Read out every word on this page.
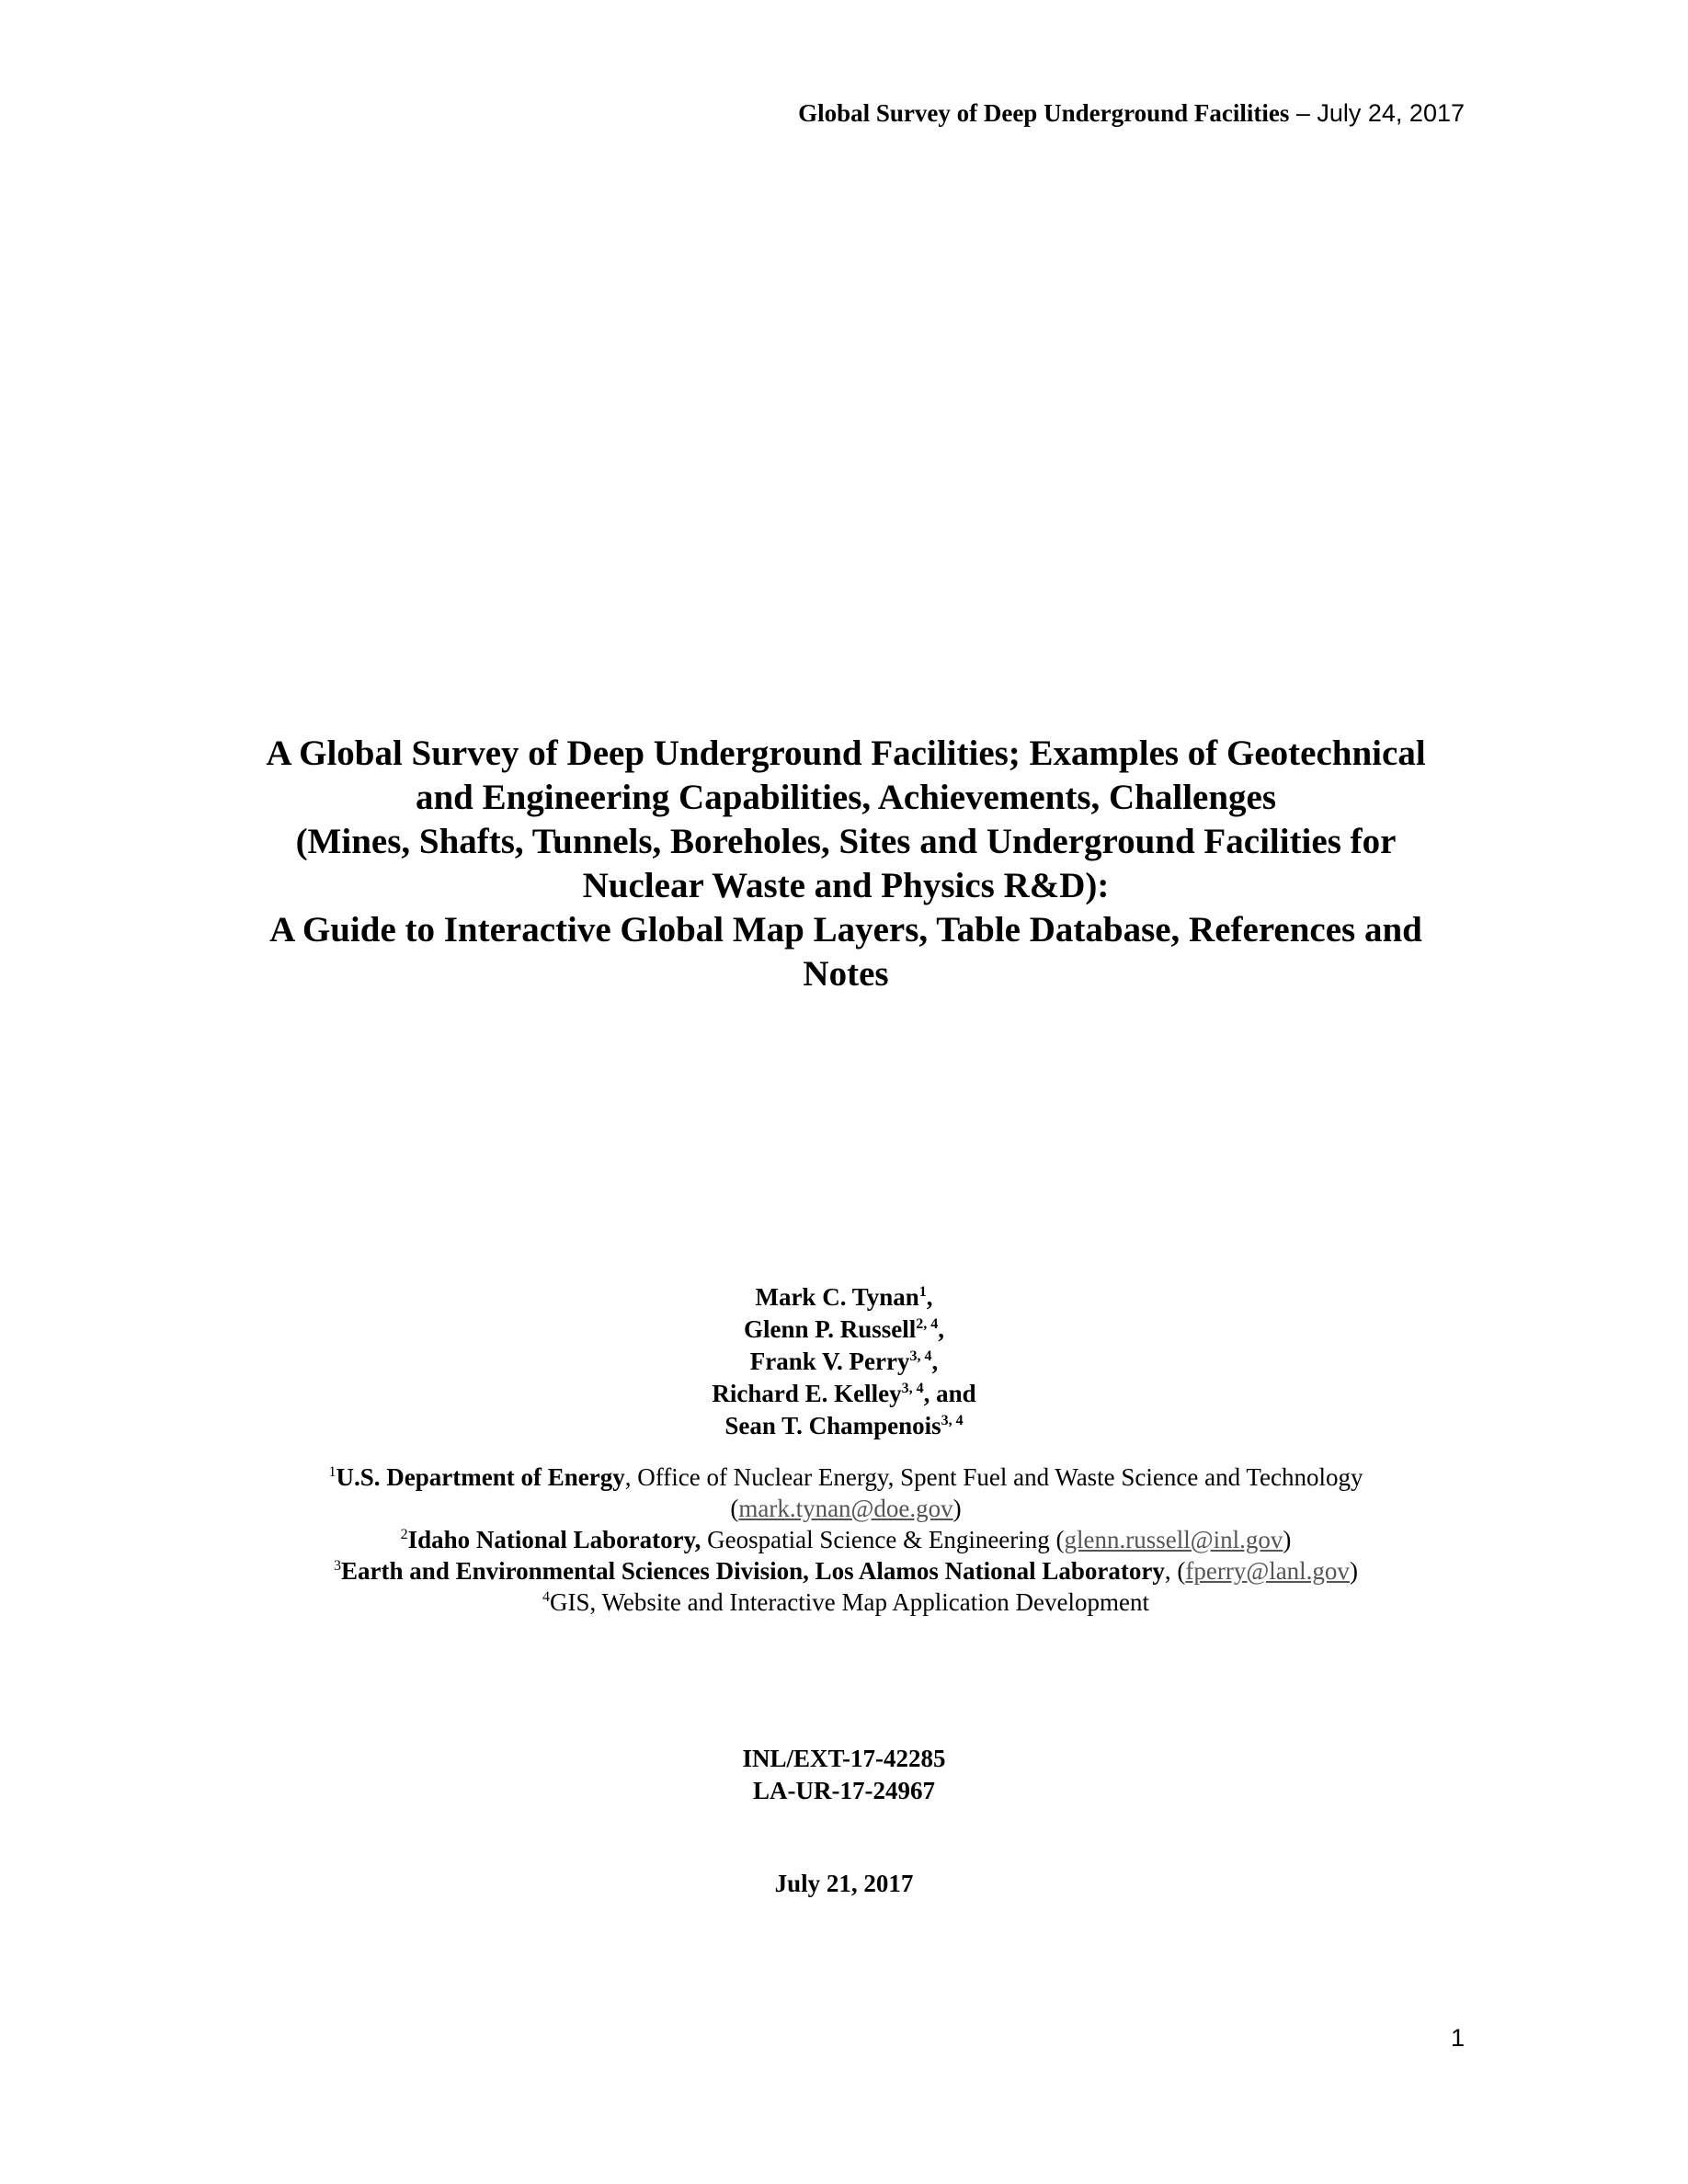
Global Survey of Deep Underground Facilities – July 24, 2017
A Global Survey of Deep Underground Facilities; Examples of Geotechnical
and Engineering Capabilities, Achievements, Challenges
(Mines, Shafts, Tunnels, Boreholes, Sites and Underground Facilities for
Nuclear Waste and Physics R&D):
A Guide to Interactive Global Map Layers, Table Database, References and
Notes
Mark C. Tynan$^1$,
Glenn P. Russell$^{2, 4}$,
Frank V. Perry$^{3, 4}$,
Richard E. Kelley$^{3, 4}$, and
Sean T. Champenois$^{3, 4}$
$^1$U.S. Department of Energy, Office of Nuclear Energy, Spent Fuel and Waste Science and Technology
(mark.tynan@doe.gov)
$^2$Idaho National Laboratory, Geospatial Science & Engineering (glenn.russell@inl.gov)
$^3$Earth and Environmental Sciences Division, Los Alamos National Laboratory, (fperry@lanl.gov)
$^4$GIS, Website and Interactive Map Application Development
INL/EXT-17-42285
LA-UR-17-24967
July 21, 2017
1
